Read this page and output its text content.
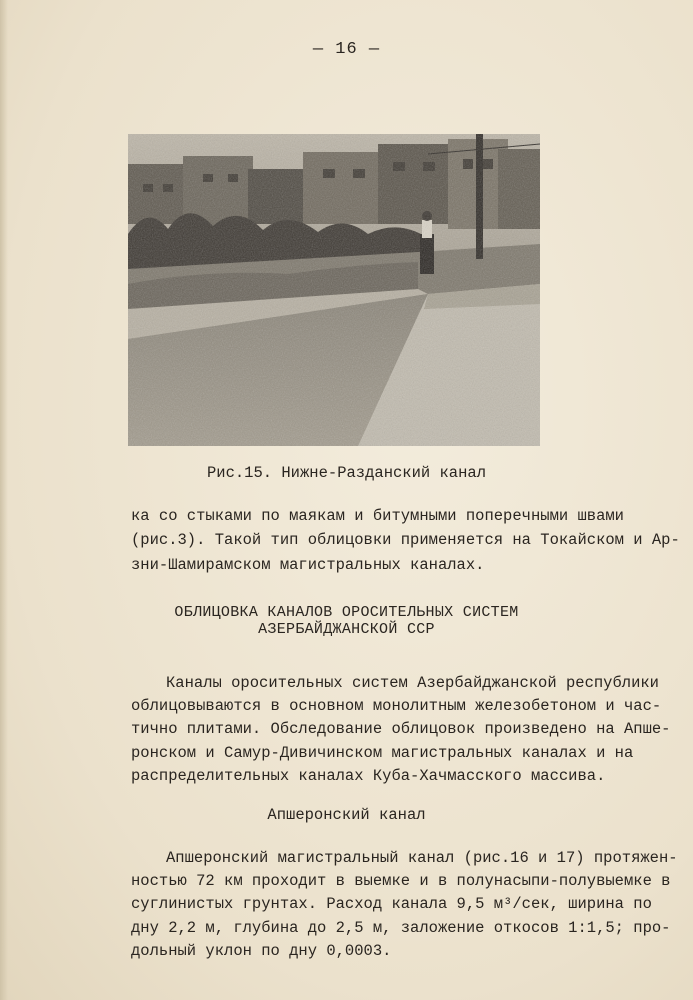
— 16 —
Рис.15. Нижне-Разданский канал
ка со стыками по маякам и битумными поперечными швами
(рис.3). Такой тип облицовки применяется на Токайском и Ар-
зни-Шамирамском магистральных каналах.
ОБЛИЦОВКА КАНАЛОВ ОРОСИТЕЛЬНЫХ СИСТЕМ
АЗЕРБАЙДЖАНСКОЙ ССР
Каналы оросительных систем Азербайджанской республики
облицовываются в основном монолитным железобетоном и час-
тично плитами. Обследование облицовок произведено на Апше-
ронском и Самур-Дивичинском магистральных каналах и на
распределительных каналах Куба-Хачмасского массива.
Апшеронский канал
Апшеронский магистральный канал (рис.16 и 17) протяжен-
ностью 72 км проходит в выемке и в полунасыпи-полувыемке в
суглинистых грунтах. Расход канала 9,5 м³/сек, ширина по
дну 2,2 м, глубина до 2,5 м, заложение откосов 1:1,5; про-
дольный уклон по дну 0,0003.
